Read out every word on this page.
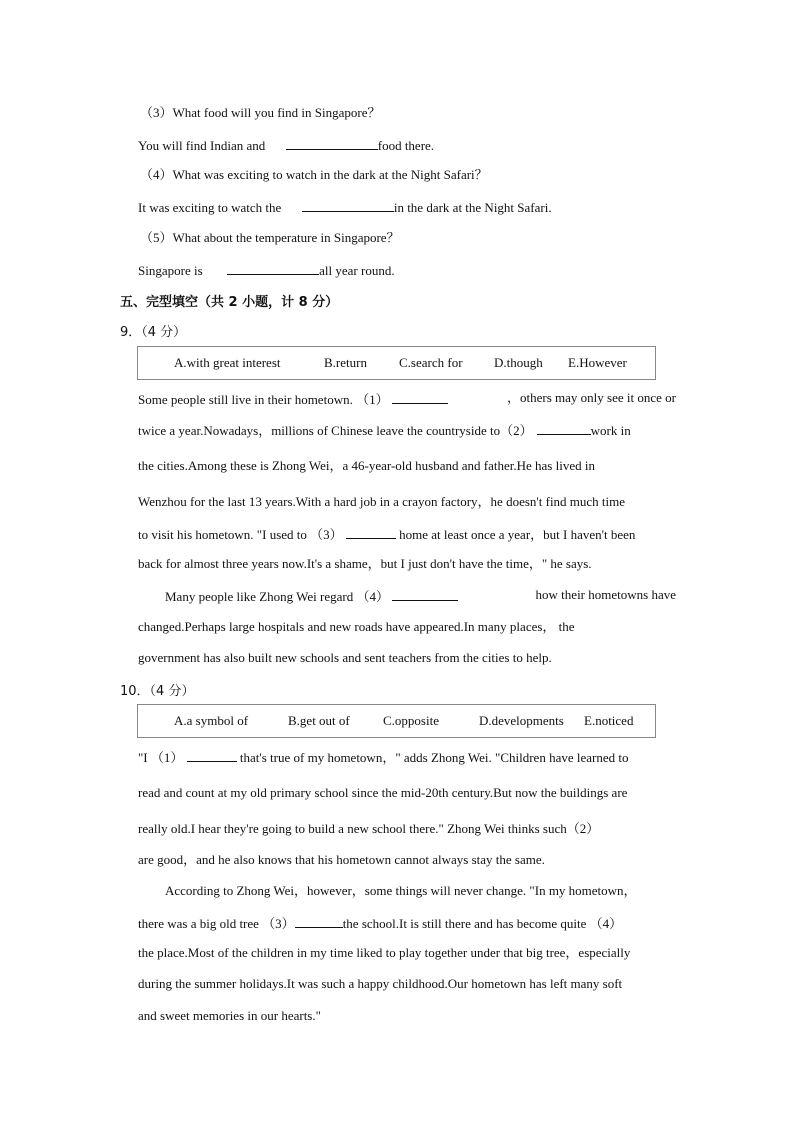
（3）What food will you find in Singapore？
You will find Indian and	food there.
（4）What was exciting to watch in the dark at the Night Safari？
It was exciting to watch the	in the dark at the Night Safari.
（5）What about the temperature in Singapore？
Singapore is	all year round.
五、完型填空（共 2 小题，计 8 分）
9．（4 分）
A.with great interest	B.return	C.search for	D.though	E.However
Some people still live in their hometown. （1）	，others may only see it once or
twice a year.Nowadays，millions of Chinese leave the countryside to（2）	work in
the cities.Among these is Zhong Wei，a 46-year-old husband and father.He has lived in
Wenzhou for the last 13 years.With a hard job in a crayon factory，he doesn't find much time
to visit his hometown. "I used to （3）	home at least once a year，but I haven't been
back for almost three years now.It's a shame，but I just don't have the time，" he says.
Many people like Zhong Wei regard （4）	how their hometowns have
changed.Perhaps large hospitals and new roads have appeared.In many places， the
government has also built new schools and sent teachers from the cities to help.
10．（4 分）
A.a symbol of	B.get out of	C.opposite	D.developments	E.noticed
"I （1）	that's true of my hometown，" adds Zhong Wei. "Children have learned to
read and count at my old primary school since the mid-20th century.But now the buildings are
really old.I hear they're going to build a new school there." Zhong Wei thinks such（2）
are good，and he also knows that his hometown cannot always stay the same.
According to Zhong Wei，however，some things will never change. "In my hometown，
there was a big old tree （3）	the school.It is still there and has become quite （4）
the place.Most of the children in my time liked to play together under that big tree，especially
during the summer holidays.It was such a happy childhood.Our hometown has left many soft
and sweet memories in our hearts."
